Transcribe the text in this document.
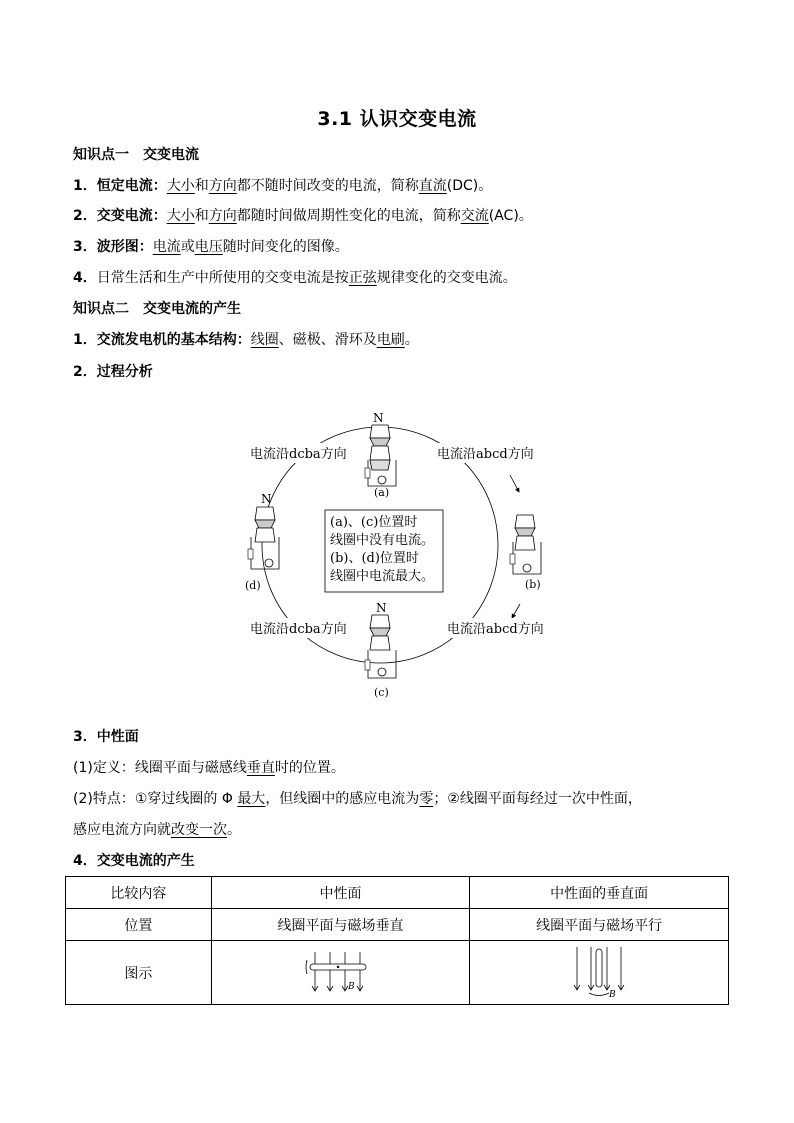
3.1 认识交变电流
知识点一　交变电流
1．恒定电流：大小和方向都不随时间改变的电流，简称直流(DC)。
2．交变电流：大小和方向都随时间做周期性变化的电流，简称交流(AC)。
3．波形图：电流或电压随时间变化的图像。
4．日常生活和生产中所使用的交变电流是按正弦规律变化的交变电流。
知识点二　交变电流的产生
1．交流发电机的基本结构：线圈、磁极、滑环及电刷。
2．过程分析
电流沿dcba方向	电流沿abcd方向
电流沿dcba方向	电流沿abcd方向
(a)、(c)位置时
线圈中没有电流。
(b)、(d)位置时
线圈中电流最大。
N
(a)
(b)
N
(c)
N
(d)
3．中性面
(1)定义：线圈平面与磁感线垂直时的位置。
(2)特点：①穿过线圈的 Φ 最大，但线圈中的感应电流为零；②线圈平面每经过一次中性面，
感应电流方向就改变一次。
4．交变电流的产生
比较内容	中性面	中性面的垂直面
位置	线圈平面与磁场垂直	线圈平面与磁场平行
图示	B	B
